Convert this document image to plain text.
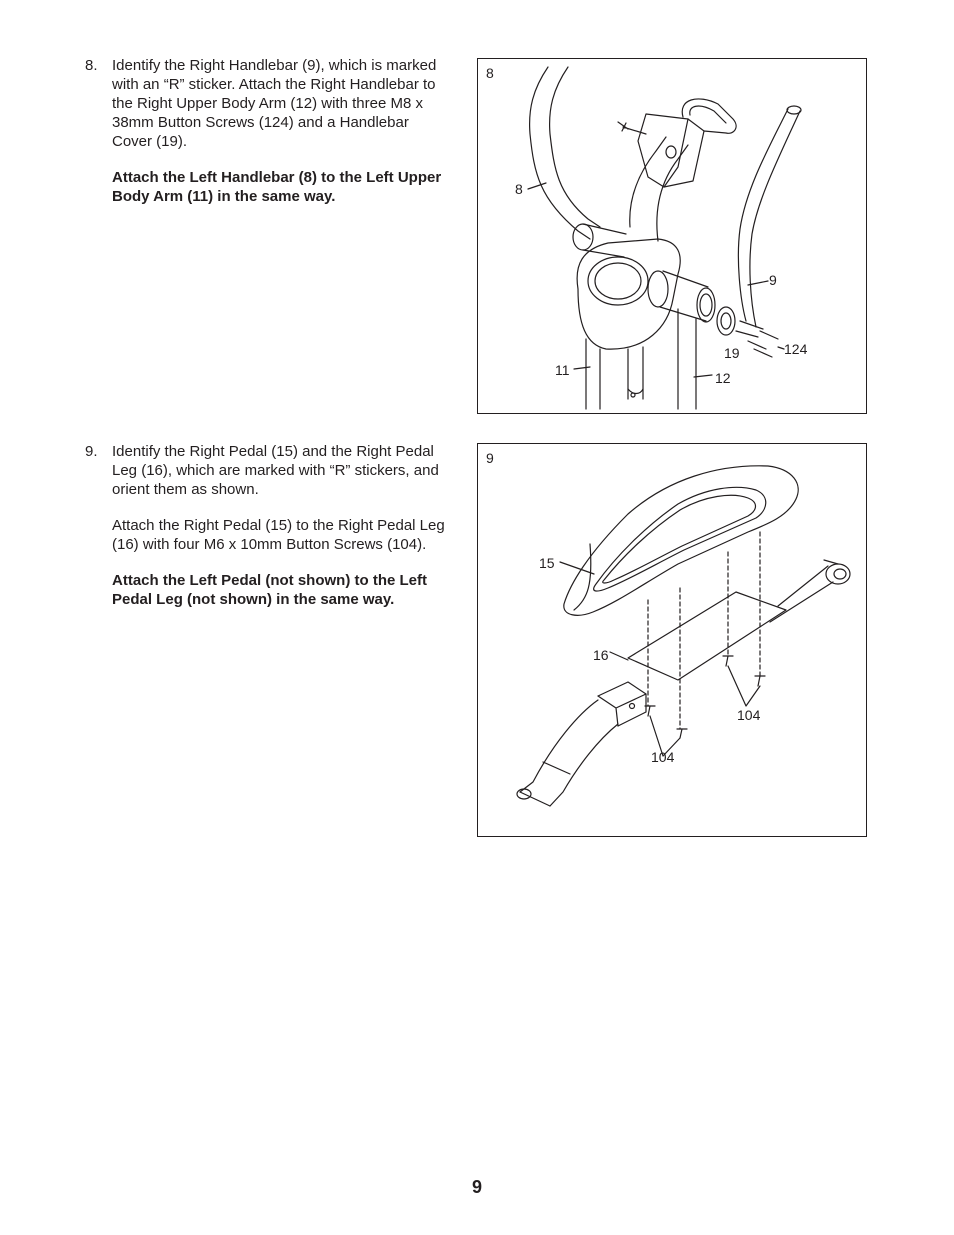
8. Identify the Right Handlebar (9), which is marked with an “R” sticker. Attach the Right Handlebar to the Right Upper Body Arm (12) with three M8 x 38mm Button Screws (124) and a Handlebar Cover (19).

Attach the Left Handlebar (8) to the Left Upper Body Arm (11) in the same way.

8
8
9
11	12
19	124
9. Identify the Right Pedal (15) and the Right Pedal Leg (16), which are marked with “R” stickers, and orient them as shown.

Attach the Right Pedal (15) to the Right Pedal Leg (16) with four M6 x 10mm Button Screws (104).

Attach the Left Pedal (not shown) to the Left Pedal Leg (not shown) in the same way.

9
15
16
104
104
9
